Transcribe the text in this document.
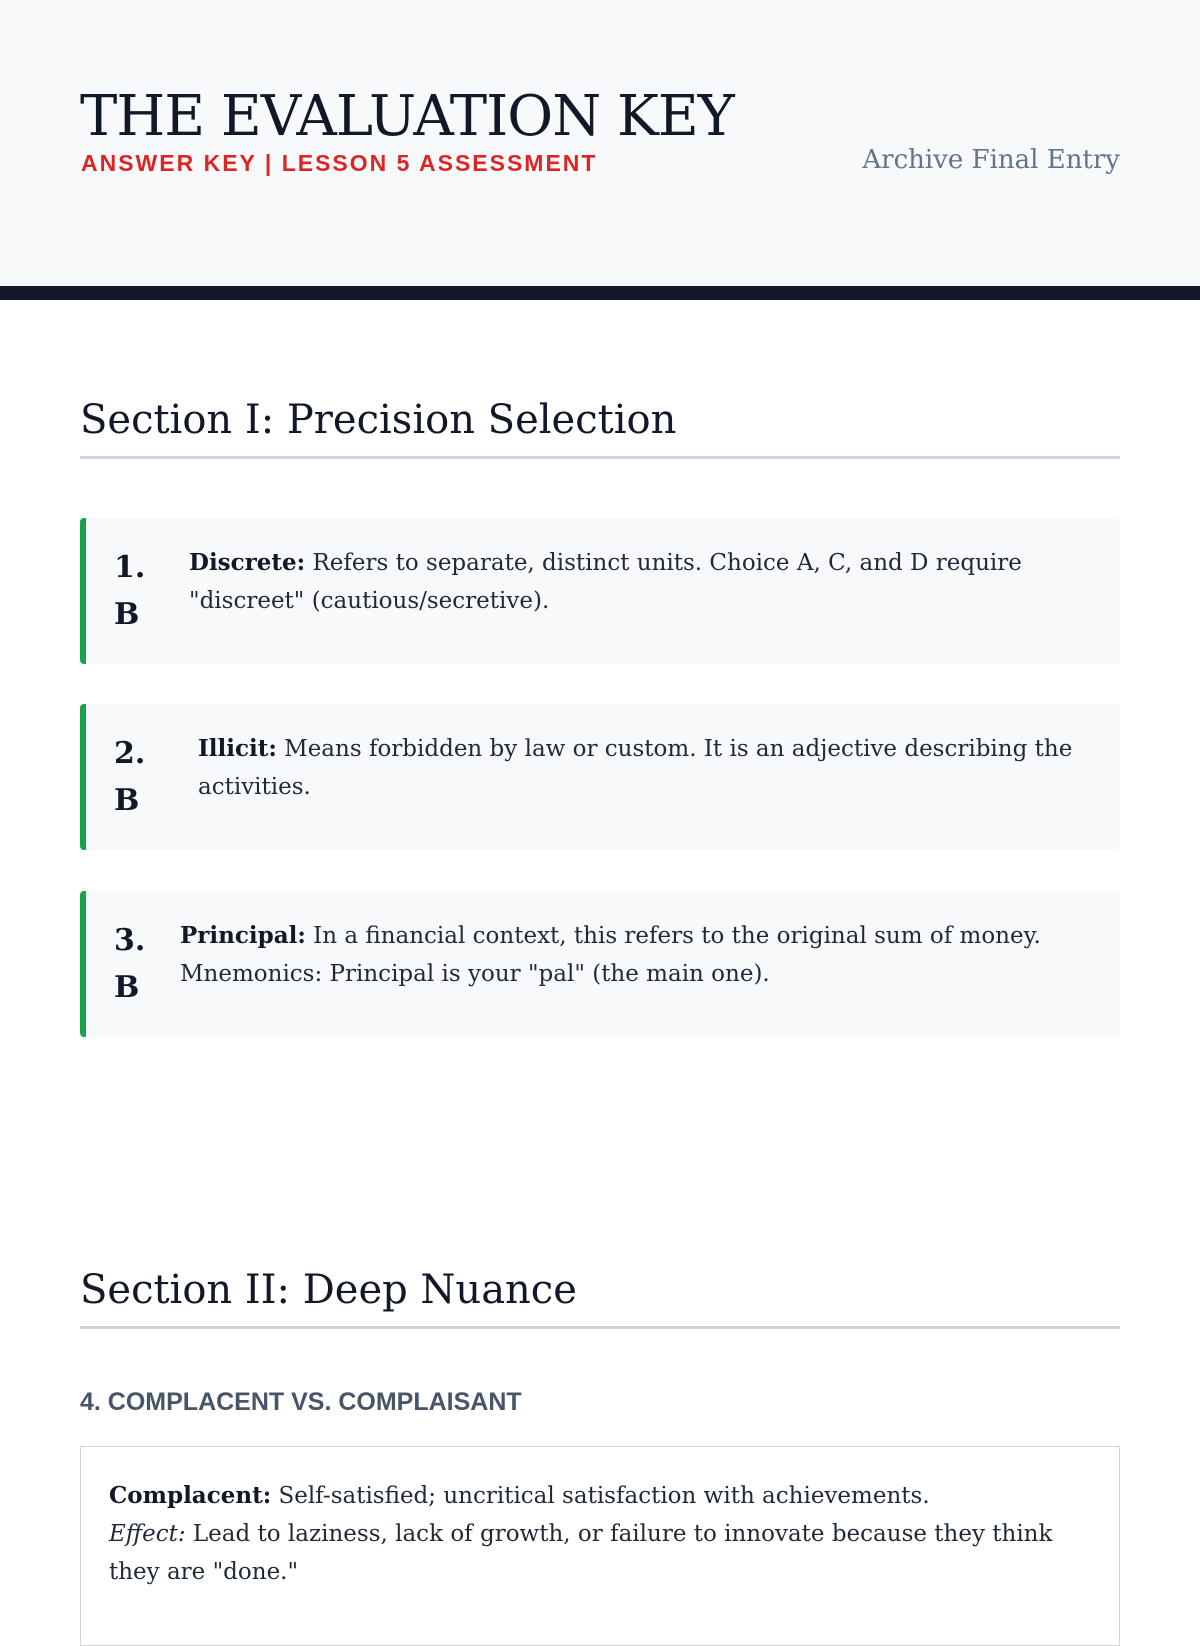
THE EVALUATION KEY
ANSWER KEY | LESSON 5 ASSESSMENT	Archive Final Entry
Section I: Precision Selection
1.
B
Discrete: Refers to separate, distinct units. Choice A, C, and D require "discreet" (cautious/secretive).
2.
B
Illicit: Means forbidden by law or custom. It is an adjective describing the activities.
3.
B
Principal: In a financial context, this refers to the original sum of money. Mnemonics: Principal is your "pal" (the main one).
Section II: Deep Nuance
4. COMPLACENT VS. COMPLAISANT
Complacent: Self-satisfied; uncritical satisfaction with achievements.
Effect: Lead to laziness, lack of growth, or failure to innovate because they think they are "done."
